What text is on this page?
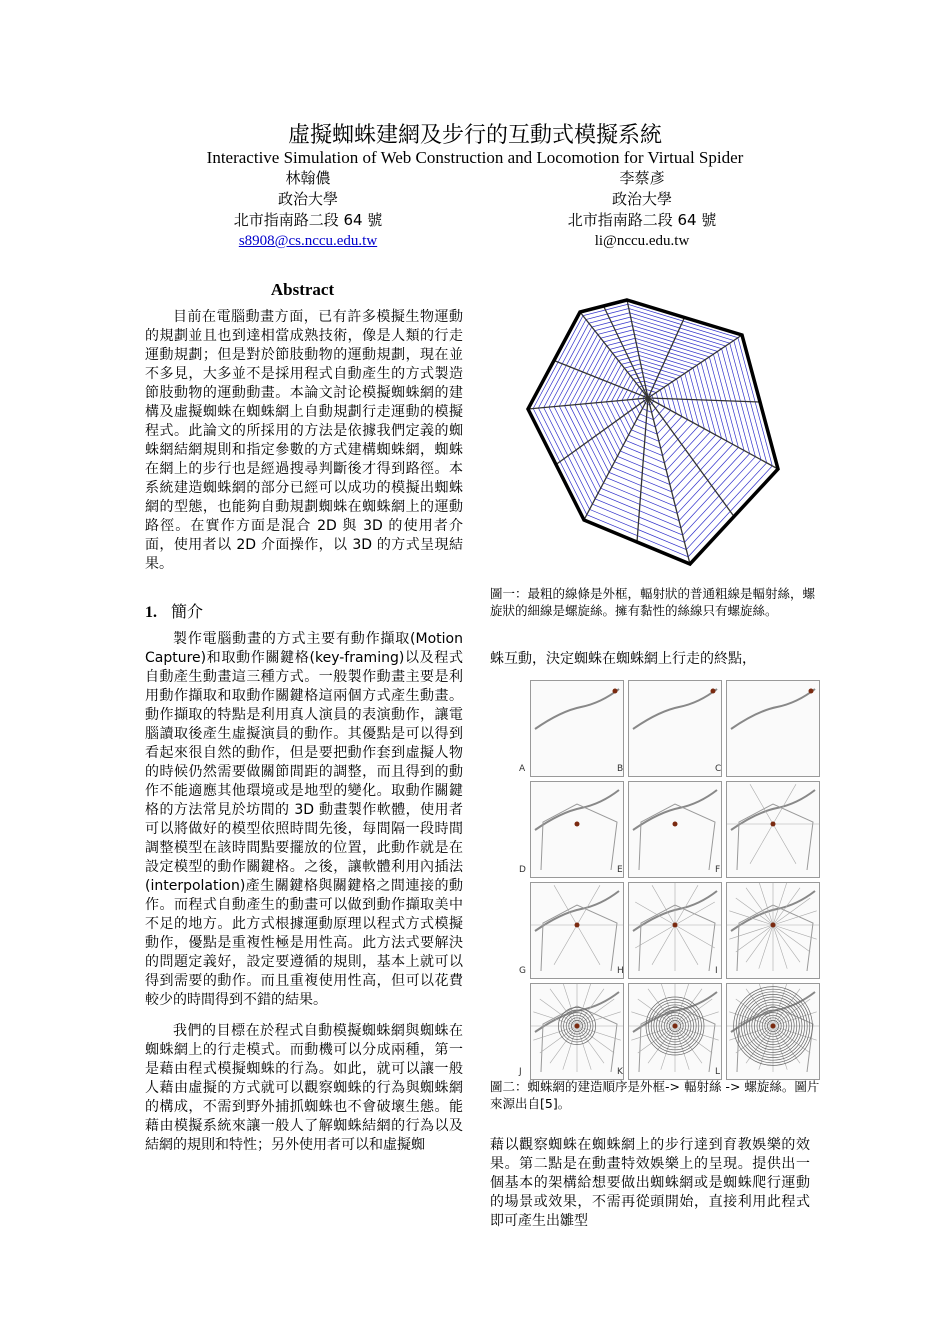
虛擬蜘蛛建網及步行的互動式模擬系統
Interactive Simulation of Web Construction and Locomotion for Virtual Spider
林翰儂
政治大學
北市指南路二段 64 號
s8908@cs.nccu.edu.tw
李蔡彥
政治大學
北市指南路二段 64 號
li@nccu.edu.tw
Abstract

目前在電腦動畫方面，已有許多模擬生物運動的規劃並且也到達相當成熟技術，像是人類的行走運動規劃；但是對於節肢動物的運動規劃，現在並不多見，大多並不是採用程式自動產生的方式製造節肢動物的運動動畫。本論文討论模擬蜘蛛網的建構及虛擬蜘蛛在蜘蛛網上自動規劃行走運動的模擬程式。此論文的所採用的方法是依據我們定義的蜘蛛網結網規則和指定參數的方式建構蜘蛛網，蜘蛛在網上的步行也是經過搜尋判斷後才得到路徑。本系統建造蜘蛛網的部分已經可以成功的模擬出蜘蛛網的型態，也能夠自動規劃蜘蛛在蜘蛛網上的運動路徑。在實作方面是混合 2D 與 3D 的使用者介面，使用者以 2D 介面操作，以 3D 的方式呈現結果。

1. 簡介

製作電腦動畫的方式主要有動作擷取(Motion Capture)和取動作關鍵格(key-framing)以及程式自動產生動畫這三種方式。一般製作動畫主要是利用動作擷取和取動作關鍵格這兩個方式產生動畫。動作擷取的特點是利用真人演員的表演動作，讓電腦讀取後產生虛擬演員的動作。其優點是可以得到看起來很自然的動作，但是要把動作套到虛擬人物的時候仍然需要做關節間距的調整，而且得到的動作不能適應其他環境或是地型的變化。取動作關鍵格的方法常見於坊間的 3D 動畫製作軟體，使用者可以將做好的模型依照時間先後，每間隔一段時間調整模型在該時間點要擺放的位置，此動作就是在設定模型的動作關鍵格。之後，讓軟體利用內插法(interpolation)產生關鍵格與關鍵格之間連接的動作。而程式自動產生的動畫可以做到動作擷取美中不足的地方。此方式根據運動原理以程式方式模擬動作，優點是重複性極是用性高。此方法式要解決的問題定義好，設定要遵循的規則，基本上就可以得到需要的動作。而且重複使用性高，但可以花費較少的時間得到不錯的結果。

我們的目標在於程式自動模擬蜘蛛網與蜘蛛在蜘蛛網上的行走模式。而動機可以分成兩種，第一是藉由程式模擬蜘蛛的行為。如此，就可以讓一般人藉由虛擬的方式就可以觀察蜘蛛的行為與蜘蛛網的構成，不需到野外捕抓蜘蛛也不會破壞生態。能藉由模擬系統來讓一般人了解蜘蛛結網的行為以及結網的規則和特性；另外使用者可以和虛擬蜘

圖一：最粗的線條是外框，輻射狀的普通粗線是輻射絲，螺旋狀的細線是螺旋絲。擁有黏性的絲線只有螺旋絲。
蛛互動，決定蜘蛛在蜘蛛網上行走的終點，
A	B	C
D	E	F
G	H	I
J	K	L
圖二：蜘蛛網的建造順序是外框-> 輻射絲 -> 螺旋絲。圖片來源出自[5]。
藉以觀察蜘蛛在蜘蛛網上的步行達到育教娛樂的效果。第二點是在動畫特效娛樂上的呈現。提供出一個基本的架構給想要做出蜘蛛網或是蜘蛛爬行運動的場景或效果，不需再從頭開始，直接利用此程式即可產生出雛型
